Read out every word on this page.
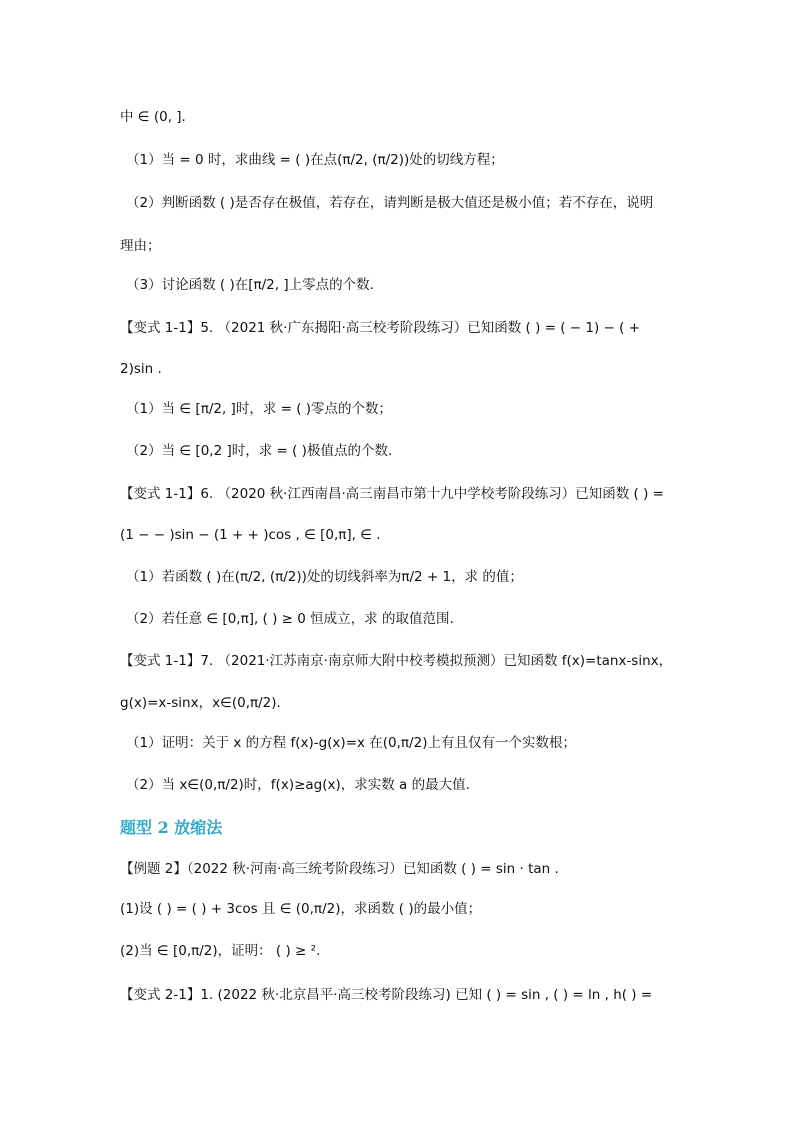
中 ∈ (0, ].
（1）当 = 0 时，求曲线 = ( )在点(π/2, (π/2))处的切线方程；
（2）判断函数 ( )是否存在极值，若存在，请判断是极大值还是极小值；若不存在，说明
理由；
（3）讨论函数 ( )在[π/2, ]上零点的个数.
【变式 1-1】5. （2021 秋·广东揭阳·高三校考阶段练习）已知函数 ( ) = ( − 1) − ( +
2)sin .
（1）当 ∈ [π/2, ]时，求 = ( )零点的个数；
（2）当 ∈ [0,2 ]时，求 = ( )极值点的个数.
【变式 1-1】6. （2020 秋·江西南昌·高三南昌市第十九中学校考阶段练习）已知函数 ( ) =
(1 − − )sin − (1 + + )cos , ∈ [0,π], ∈ .
（1）若函数 ( )在(π/2, (π/2))处的切线斜率为π/2 + 1，求 的值；
（2）若任意 ∈ [0,π], ( ) ≥ 0 恒成立，求 的取值范围.
【变式 1-1】7. （2021·江苏南京·南京师大附中校考模拟预测）已知函数 f(x)=tanx-sinx，
g(x)=x-sinx，x∈(0,π/2).
（1）证明：关于 x 的方程 f(x)-g(x)=x 在(0,π/2)上有且仅有一个实数根；
（2）当 x∈(0,π/2)时，f(x)≥ag(x)，求实数 a 的最大值.
题型 2 放缩法
【例题 2】（2022 秋·河南·高三统考阶段练习）已知函数 ( ) = sin · tan .
(1)设 ( ) = ( ) + 3cos 且 ∈ (0,π/2)，求函数 ( )的最小值；
(2)当 ∈ [0,π/2)，证明： ( ) ≥ ².
【变式 2-1】1. (2022 秋·北京昌平·高三校考阶段练习) 已知 ( ) = sin , ( ) = ln , h( ) =
